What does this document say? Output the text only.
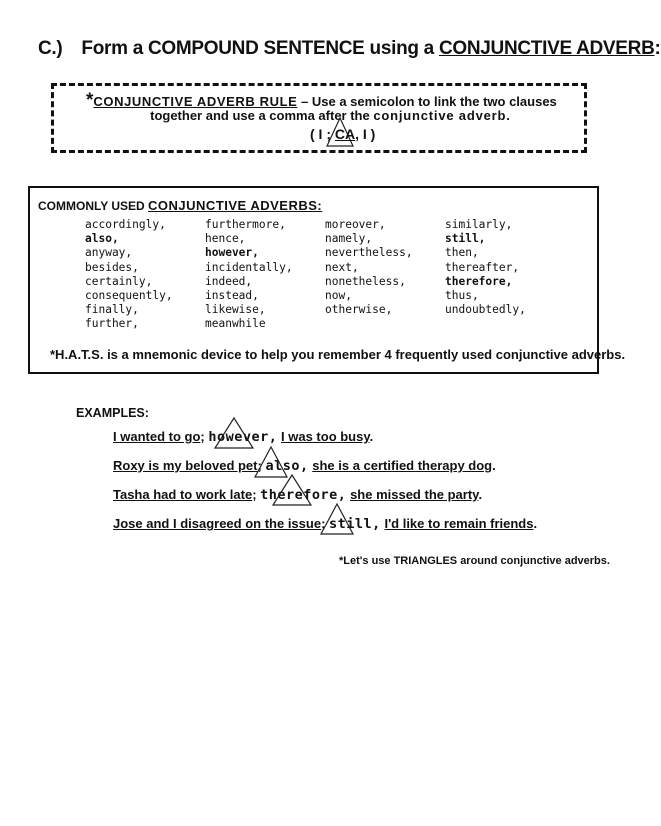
C.) Form a COMPOUND SENTENCE using a CONJUNCTIVE ADVERB:
*CONJUNCTIVE ADVERB RULE – Use a semicolon to link the two clauses
together and use a comma after the conjunctive adverb.
( I ; CA, I )
COMMONLY USED CONJUNCTIVE ADVERBS:
accordingly,
also,
anyway,
besides,
certainly,
consequently,
finally,
further,
furthermore,
hence,
however,
incidentally,
indeed,
instead,
likewise,
meanwhile
moreover,
namely,
nevertheless,
next,
nonetheless,
now,
otherwise,
similarly,
still,
then,
thereafter,
therefore,
thus,
undoubtedly,
*H.A.T.S. is a mnemonic device to help you remember 4 frequently used conjunctive adverbs.
EXAMPLES:
I wanted to go; however, I was too busy.
Roxy is my beloved pet; also, she is a certified therapy dog.
Tasha had to work late; therefore, she missed the party.
Jose and I disagreed on the issue; still, I'd like to remain friends.
*Let's use TRIANGLES around conjunctive adverbs.
